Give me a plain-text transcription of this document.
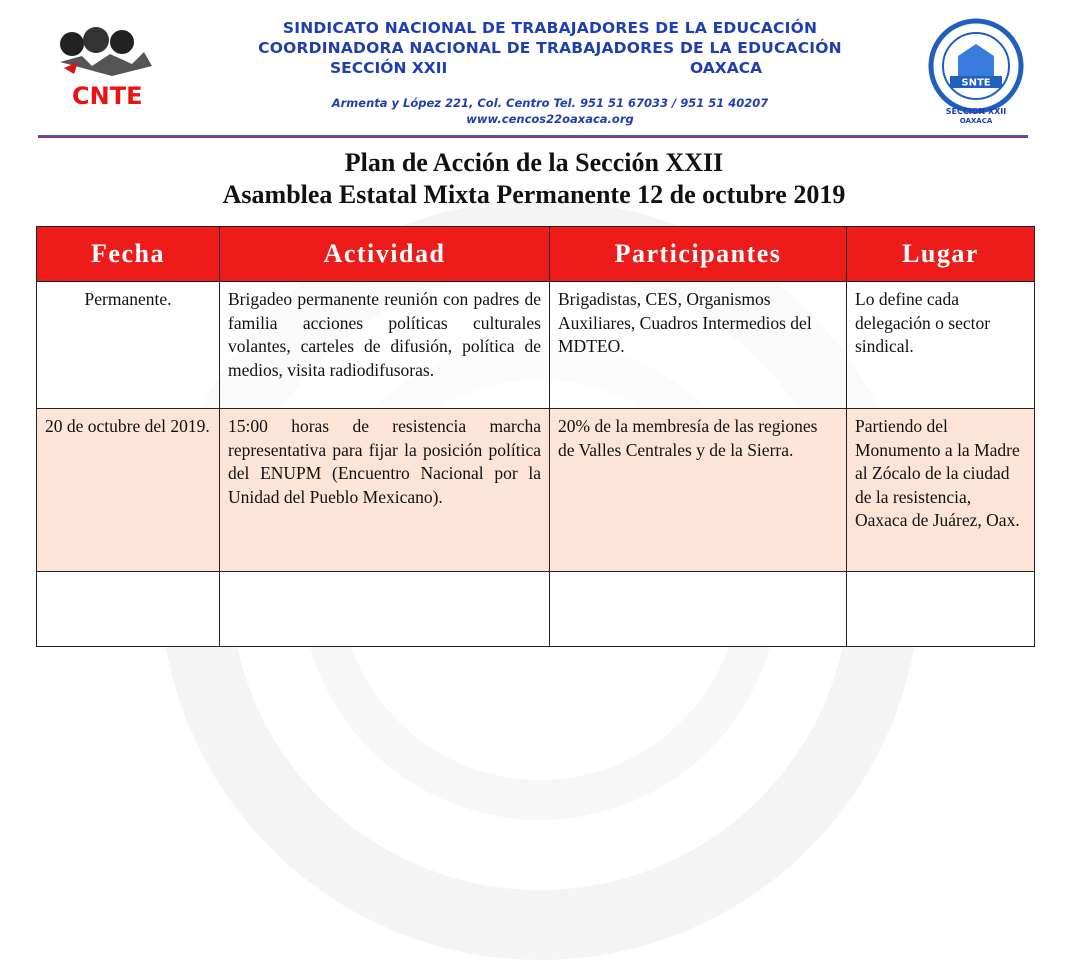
CNTE
SINDICATO NACIONAL DE TRABAJADORES DE LA EDUCACIÓN
COORDINADORA NACIONAL DE TRABAJADORES DE LA EDUCACIÓN
SECCIÓN XXII	OAXACA
Armenta y López 221, Col. Centro Tel. 951 51 67033 / 951 51 40207
www.cencos22oaxaca.org
SNTE
SECCION XXII
OAXACA
Plan de Acción de la Sección XXII
Asamblea Estatal Mixta Permanente 12 de octubre 2019
Fecha	Actividad	Participantes	Lugar
Permanente.	Brigadeo permanente reunión con padres de familia acciones políticas culturales volantes, carteles de difusión, política de medios, visita radiodifusoras.	Brigadistas, CES, Organismos Auxiliares, Cuadros Intermedios del MDTEO.	Lo define cada delegación o sector sindical.
20 de octubre del 2019.	15:00 horas de resistencia marcha representativa para fijar la posición política del ENUPM (Encuentro Nacional por la Unidad del Pueblo Mexicano).	20% de la membresía de las regiones de Valles Centrales y de la Sierra.	Partiendo del Monumento a la Madre al Zócalo de la ciudad de la resistencia, Oaxaca de Juárez, Oax.
